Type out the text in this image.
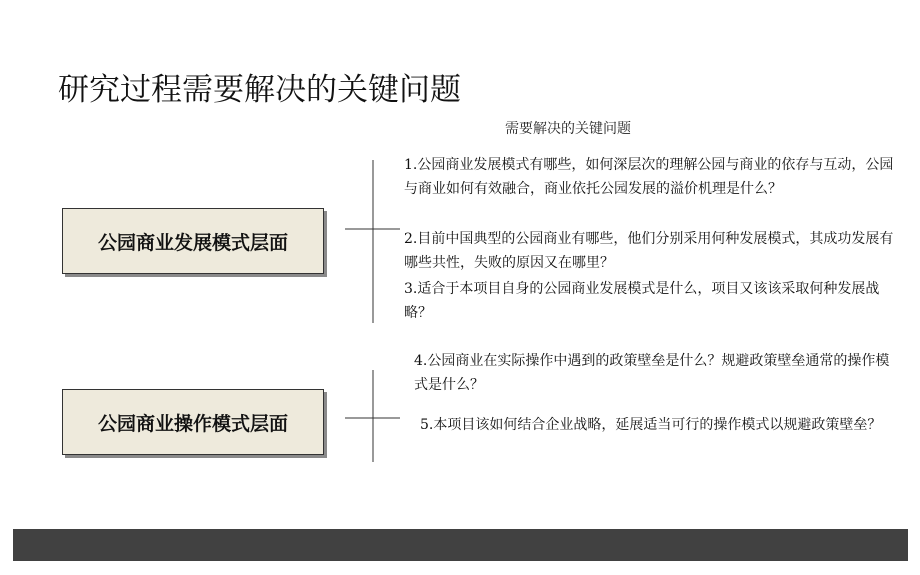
研究过程需要解决的关键问题
需要解决的关键问题
公园商业发展模式层面
公园商业操作模式层面
1.公园商业发展模式有哪些，如何深层次的理解公园与商业的依存与互动，公园与商业如何有效融合，商业依托公园发展的溢价机理是什么？
2.目前中国典型的公园商业有哪些，他们分别采用何种发展模式，其成功发展有哪些共性，失败的原因又在哪里？
3.适合于本项目自身的公园商业发展模式是什么，项目又该该采取何种发展战略？
4.公园商业在实际操作中遇到的政策壁垒是什么？规避政策壁垒通常的操作模式是什么？
5.本项目该如何结合企业战略，延展适当可行的操作模式以规避政策壁垒？
